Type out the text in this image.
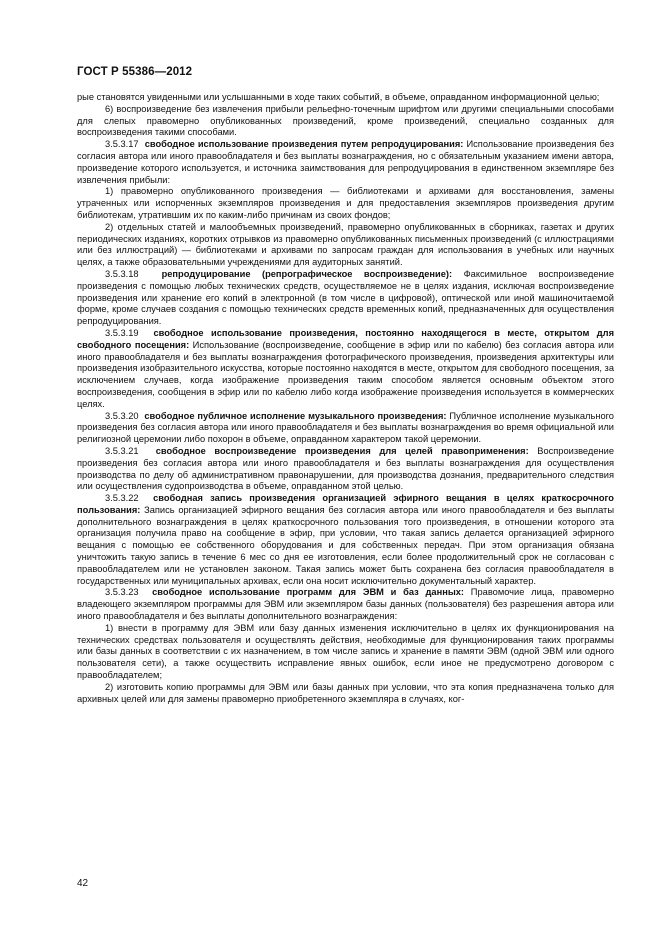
ГОСТ Р 55386—2012

рые становятся увиденными или услышанными в ходе таких событий, в объеме, оправданном информационной целью;

6) воспроизведение без извлечения прибыли рельефно-точечным шрифтом или другими специальными способами для слепых правомерно опубликованных произведений, кроме произведений, специально созданных для воспроизведения такими способами.

3.5.3.17 свободное использование произведения путем репродуцирования: Использование произведения без согласия автора или иного правообладателя и без выплаты вознаграждения, но с обязательным указанием имени автора, произведение которого используется, и источника заимствования для репродуцирования в единственном экземпляре без извлечения прибыли:

1) правомерно опубликованного произведения — библиотеками и архивами для восстановления, замены утраченных или испорченных экземпляров произведения и для предоставления экземпляров произведения другим библиотекам, утратившим их по каким-либо причинам из своих фондов;

2) отдельных статей и малообъемных произведений, правомерно опубликованных в сборниках, газетах и других периодических изданиях, коротких отрывков из правомерно опубликованных письменных произведений (с иллюстрациями или без иллюстраций) — библиотеками и архивами по запросам граждан для использования в учебных или научных целях, а также образовательными учреждениями для аудиторных занятий.

3.5.3.18 репродуцирование (репрографическое воспроизведение): Факсимильное воспроизведение произведения с помощью любых технических средств, осуществляемое не в целях издания, исключая воспроизведение произведения или хранение его копий в электронной (в том числе в цифровой), оптической или иной машиночитаемой форме, кроме случаев создания с помощью технических средств временных копий, предназначенных для осуществления репродуцирования.

3.5.3.19 свободное использование произведения, постоянно находящегося в месте, открытом для свободного посещения: Использование (воспроизведение, сообщение в эфир или по кабелю) без согласия автора или иного правообладателя и без выплаты вознаграждения фотографического произведения, произведения архитектуры или произведения изобразительного искусства, которые постоянно находятся в месте, открытом для свободного посещения, за исключением случаев, когда изображение произведения таким способом является основным объектом этого воспроизведения, сообщения в эфир или по кабелю либо когда изображение произведения используется в коммерческих целях.

3.5.3.20 свободное публичное исполнение музыкального произведения: Публичное исполнение музыкального произведения без согласия автора или иного правообладателя и без выплаты вознаграждения во время официальной или религиозной церемонии либо похорон в объеме, оправданном характером такой церемонии.

3.5.3.21 свободное воспроизведение произведения для целей правоприменения: Воспроизведение произведения без согласия автора или иного правообладателя и без выплаты вознаграждения для осуществления производства по делу об административном правонарушении, для производства дознания, предварительного следствия или осуществления судопроизводства в объеме, оправданном этой целью.

3.5.3.22 свободная запись произведения организацией эфирного вещания в целях краткосрочного пользования: Запись организацией эфирного вещания без согласия автора или иного правообладателя и без выплаты дополнительного вознаграждения в целях краткосрочного пользования того произведения, в отношении которого эта организация получила право на сообщение в эфир, при условии, что такая запись делается организацией эфирного вещания с помощью ее собственного оборудования и для собственных передач. При этом организация обязана уничтожить такую запись в течение 6 мес со дня ее изготовления, если более продолжительный срок не согласован с правообладателем или не установлен законом. Такая запись может быть сохранена без согласия правообладателя в государственных или муниципальных архивах, если она носит исключительно документальный характер.

3.5.3.23 свободное использование программ для ЭВМ и баз данных: Правомочие лица, правомерно владеющего экземпляром программы для ЭВМ или экземпляром базы данных (пользователя) без разрешения автора или иного правообладателя и без выплаты дополнительного вознаграждения:

1) внести в программу для ЭВМ или базу данных изменения исключительно в целях их функционирования на технических средствах пользователя и осуществлять действия, необходимые для функционирования таких программы или базы данных в соответствии с их назначением, в том числе запись и хранение в памяти ЭВМ (одной ЭВМ или одного пользователя сети), а также осуществить исправление явных ошибок, если иное не предусмотрено договором с правообладателем;

2) изготовить копию программы для ЭВМ или базы данных при условии, что эта копия предназначена только для архивных целей или для замены правомерно приобретенного экземпляра в случаях, ког-

42
